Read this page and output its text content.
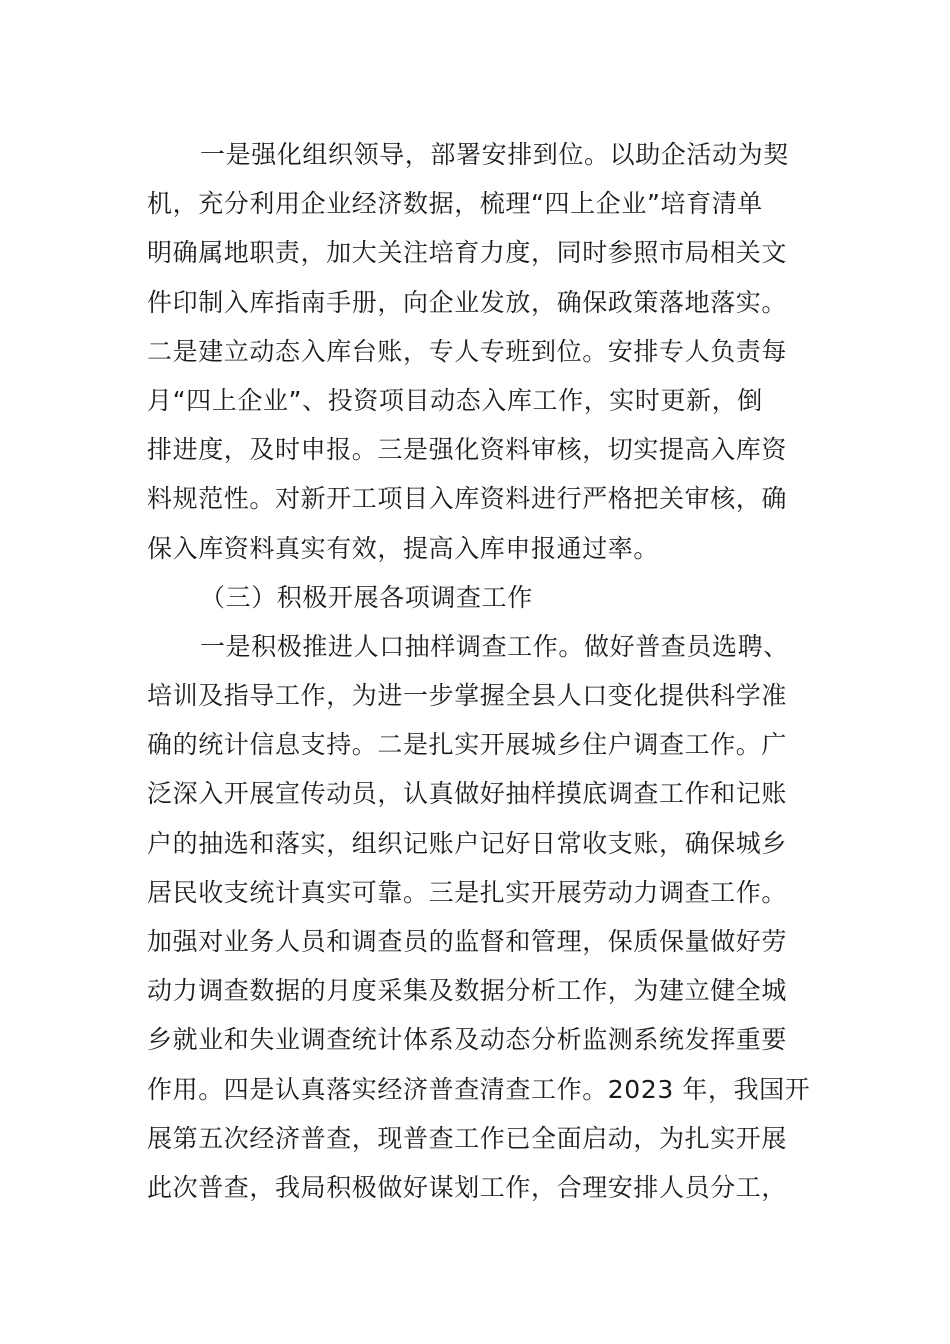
一是强化组织领导，部署安排到位。以助企活动为契
机，充分利用企业经济数据，梳理“四上企业”培育清单
明确属地职责，加大关注培育力度，同时参照市局相关文
件印制入库指南手册，向企业发放，确保政策落地落实。
二是建立动态入库台账，专人专班到位。安排专人负责每
月“四上企业”、投资项目动态入库工作，实时更新，倒
排进度，及时申报。三是强化资料审核，切实提高入库资
料规范性。对新开工项目入库资料进行严格把关审核，确
保入库资料真实有效，提高入库申报通过率。
（三）积极开展各项调查工作
一是积极推进人口抽样调查工作。做好普查员选聘、
培训及指导工作，为进一步掌握全县人口变化提供科学准
确的统计信息支持。二是扎实开展城乡住户调查工作。广
泛深入开展宣传动员，认真做好抽样摸底调查工作和记账
户的抽选和落实，组织记账户记好日常收支账，确保城乡
居民收支统计真实可靠。三是扎实开展劳动力调查工作。
加强对业务人员和调查员的监督和管理，保质保量做好劳
动力调查数据的月度采集及数据分析工作，为建立健全城
乡就业和失业调查统计体系及动态分析监测系统发挥重要
作用。四是认真落实经济普查清查工作。2023 年，我国开
展第五次经济普查，现普查工作已全面启动，为扎实开展
此次普查，我局积极做好谋划工作，合理安排人员分工，
